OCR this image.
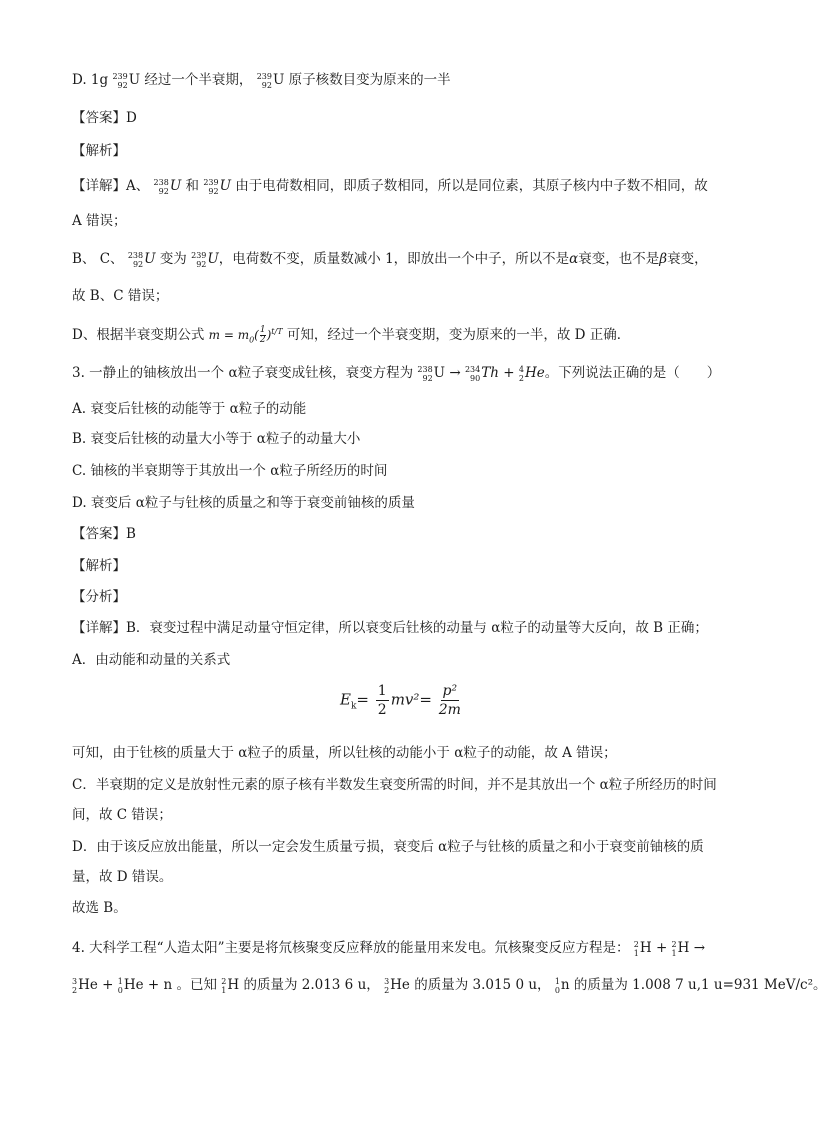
D. 1g 239
92 U 经过一个半衰期， 239
92 U 原子核数目变为原来的一半
【答案】D
【解析】
【详解】A、 238
92 U 和 239
92 U 由于电荷数相同，即质子数相同，所以是同位素，其原子核内中子数不相同，故
A 错误；
B、 C、 238
92 U 变为 239
92 U，电荷数不变，质量数减小 1，即放出一个中子，所以不是α衰变，也不是β衰变，
故 B、C 错误；
D、根据半衰变期公式 $m = m_0( \frac{1}{2} )^{t/T}$ 可知，经过一个半衰变期，变为原来的一半，故 D 正确．
3. 一静止的铀核放出一个 α粒子衰变成钍核，衰变方程为 238
92 U → 234
90 Th + 4
2 He。下列说法正确的是（　　）
A. 衰变后钍核的动能等于 α粒子的动能
B. 衰变后钍核的动量大小等于 α粒子的动量大小
C. 铀核的半衰期等于其放出一个 α粒子所经历的时间
D. 衰变后 α粒子与钍核的质量之和等于衰变前铀核的质量
【答案】B
【解析】
【分析】
【详解】B．衰变过程中满足动量守恒定律，所以衰变后钍核的动量与 α粒子的动量等大反向，故 B 正确；
A．由动能和动量的关系式
$E_k= \frac{1}{2} mv^2= \frac{\text{p²}}{2m}$
可知，由于钍核的质量大于 α粒子的质量，所以钍核的动能小于 α粒子的动能，故 A 错误；
C．半衰期的定义是放射性元素的原子核有半数发生衰变所需的时间，并不是其放出一个 α粒子所经历的时间
间，故 C 错误；
D．由于该反应放出能量，所以一定会发生质量亏损，衰变后 α粒子与钍核的质量之和小于衰变前铀核的质
量，故 D 错误。
故选 B。
4. 大科学工程“人造太阳”主要是将氘核聚变反应释放的能量用来发电。氘核聚变反应方程是： 2
1 H + 2
1 H →
3
2 He + 1
0 He + n 。已知 2
1 H 的质量为 2.013 6 u， 3
2 He 的质量为 3.015 0 u， 1
0 n 的质量为 1.008 7 u,1 u=931 MeV/c²。
